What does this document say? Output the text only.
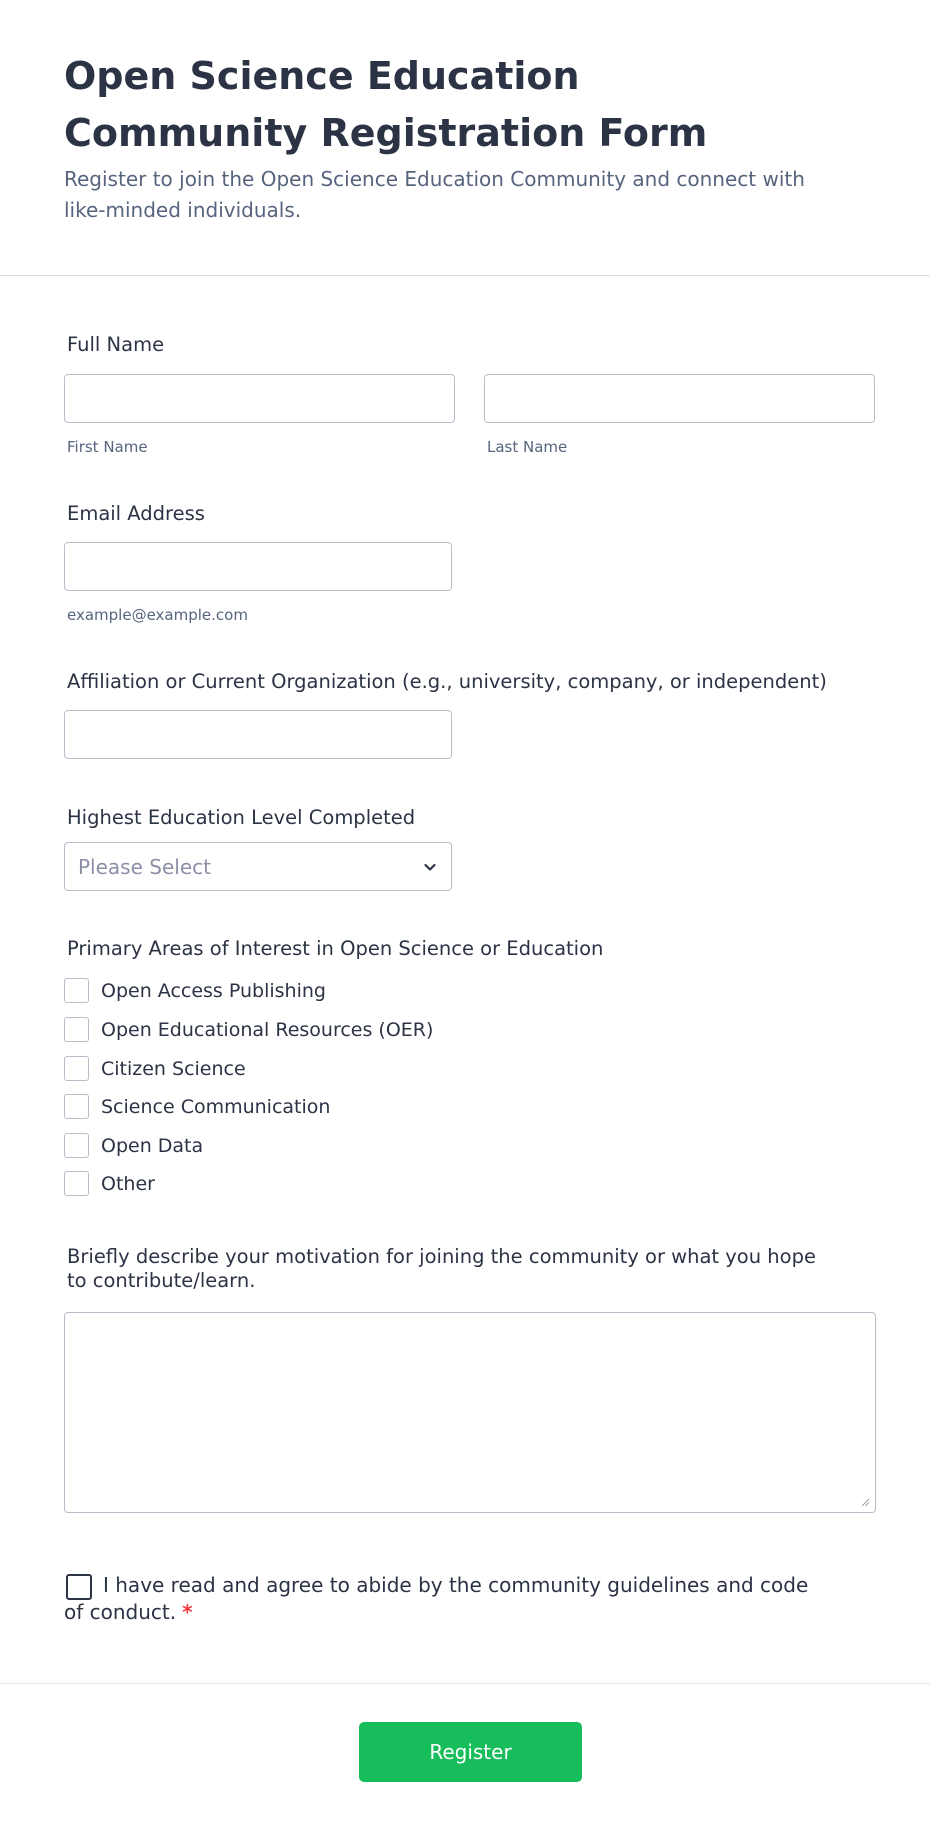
Open Science Education Community Registration Form

Register to join the Open Science Education Community and connect with like-minded individuals.

Full Name
First Name	Last Name
Email Address
example@example.com
Affiliation or Current Organization (e.g., university, company, or independent)
Highest Education Level Completed
Please Select
Primary Areas of Interest in Open Science or Education
Open Access Publishing
Open Educational Resources (OER)
Citizen Science
Science Communication
Open Data
Other
Briefly describe your motivation for joining the community or what you hope to contribute/learn.

I have read and agree to abide by the community guidelines and code of conduct. *

Register
